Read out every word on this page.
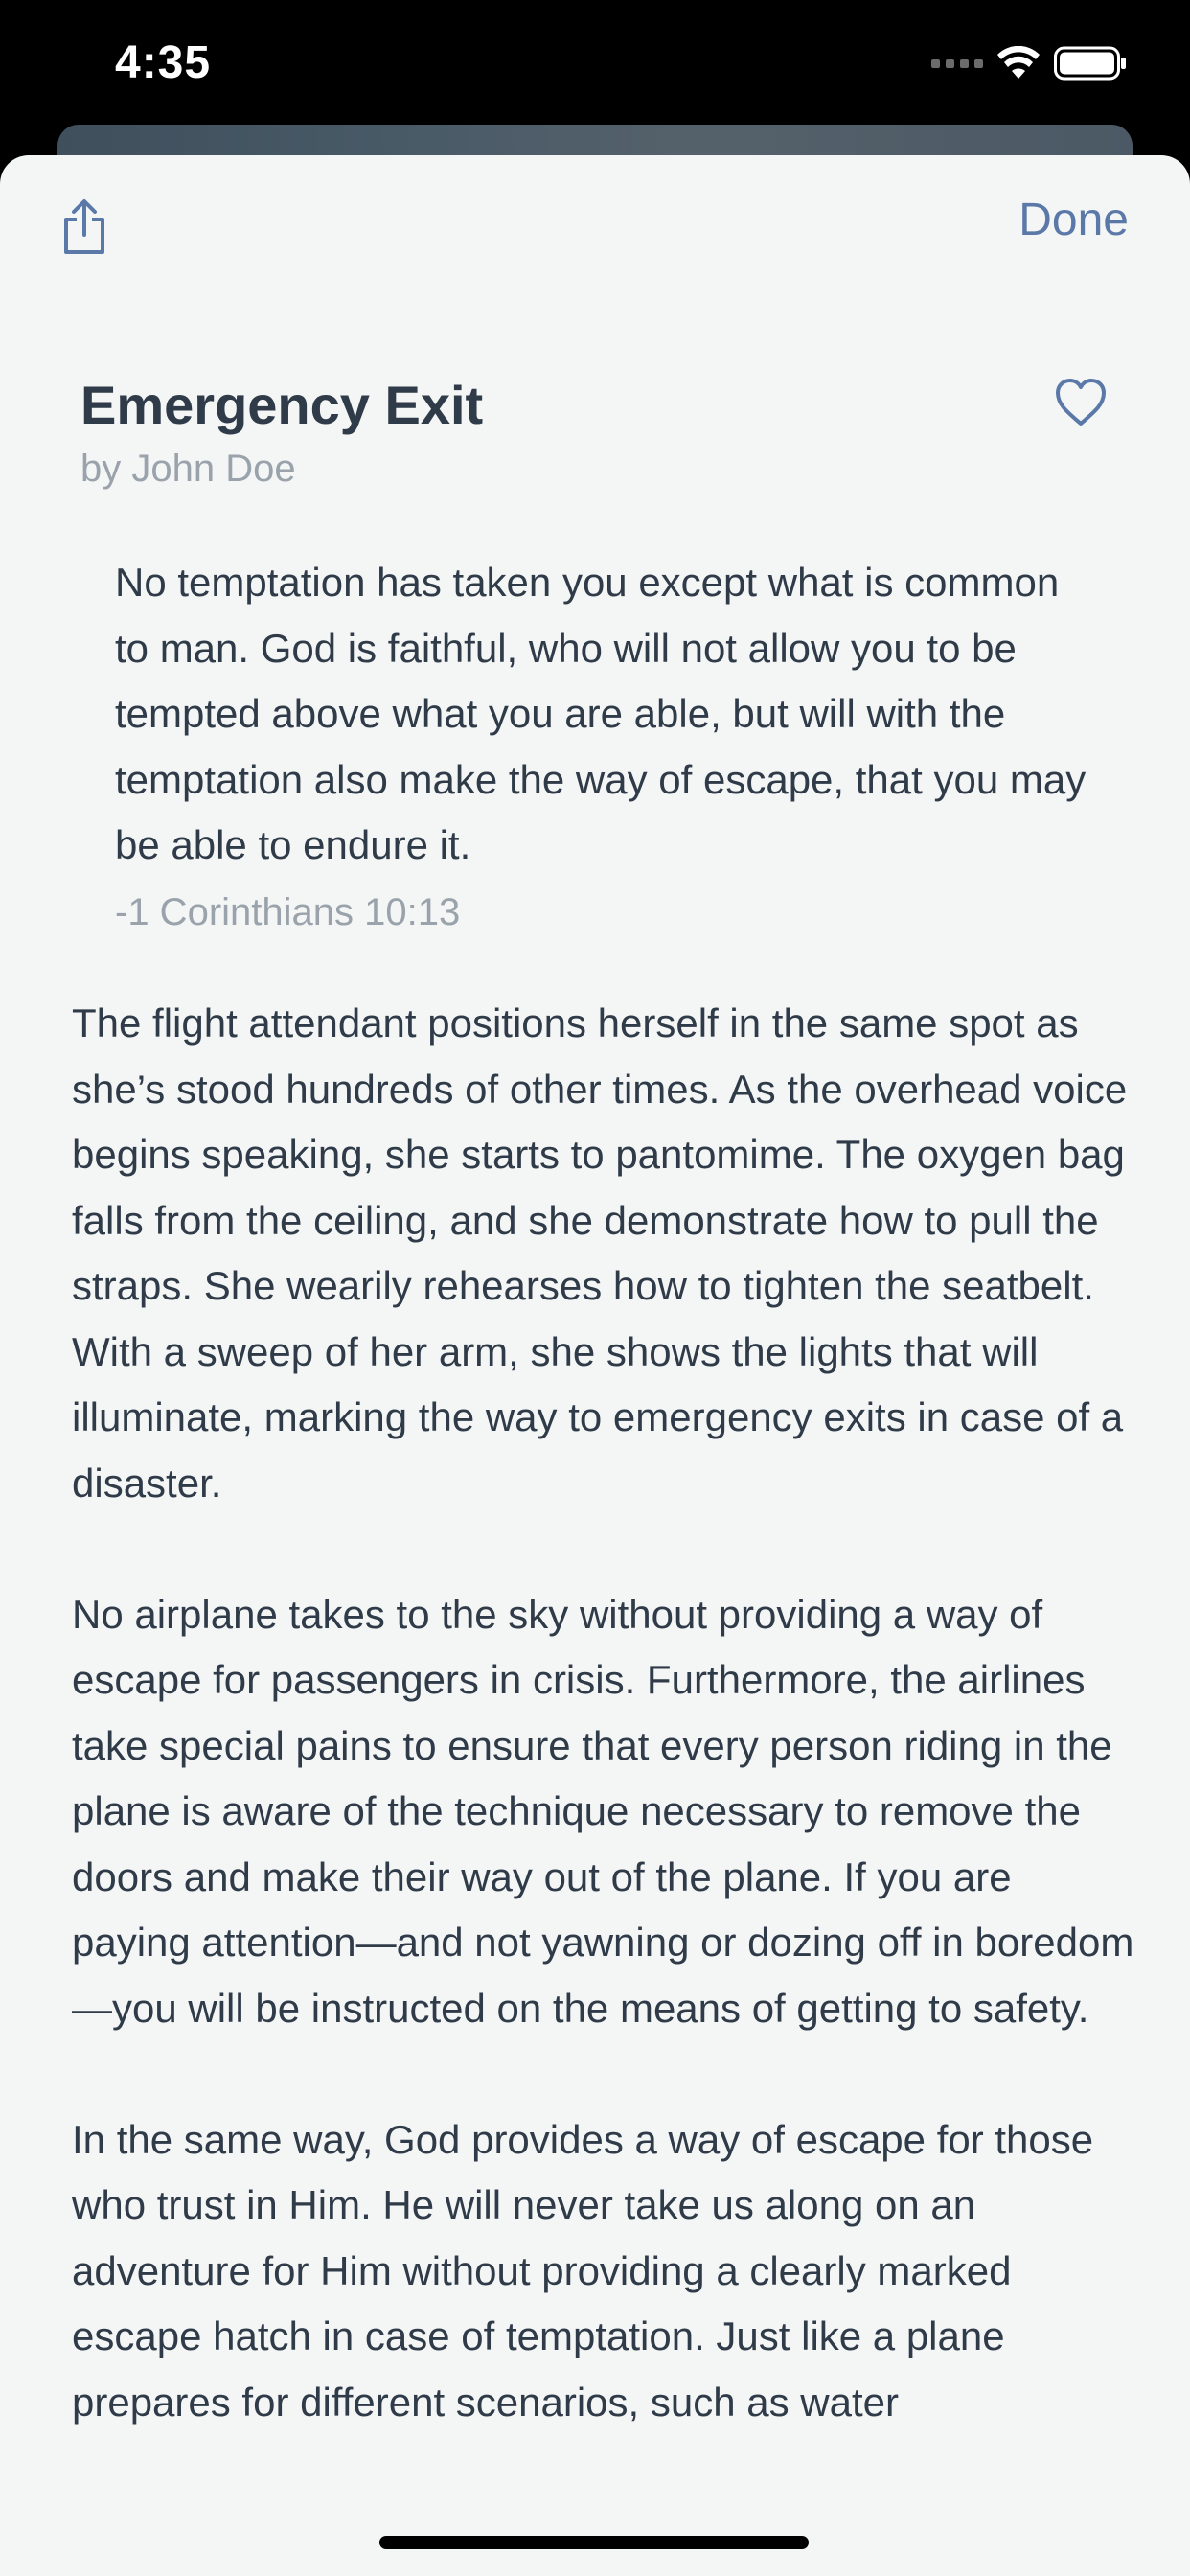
4:35
Done
Emergency Exit
by John Doe

No temptation has taken you except what is common to man. God is faithful, who will not allow you to be tempted above what you are able, but will with the temptation also make the way of escape, that you may be able to endure it.

-1 Corinthians 10:13

The flight attendant positions herself in the same spot as she’s stood hundreds of other times. As the overhead voice begins speaking, she starts to pantomime. The oxygen bag falls from the ceiling, and she demonstrate how to pull the straps. She wearily rehearses how to tighten the seatbelt. With a sweep of her arm, she shows the lights that will illuminate, marking the way to emergency exits in case of a disaster.

No airplane takes to the sky without providing a way of escape for passengers in crisis. Furthermore, the airlines take special pains to ensure that every person riding in the plane is aware of the technique necessary to remove the doors and make their way out of the plane. If you are paying attention—and not yawning or dozing off in boredom—you will be instructed on the means of getting to safety.

In the same way, God provides a way of escape for those who trust in Him. He will never take us along on an adventure for Him without providing a clearly marked escape hatch in case of temptation. Just like a plane prepares for different scenarios, such as water
